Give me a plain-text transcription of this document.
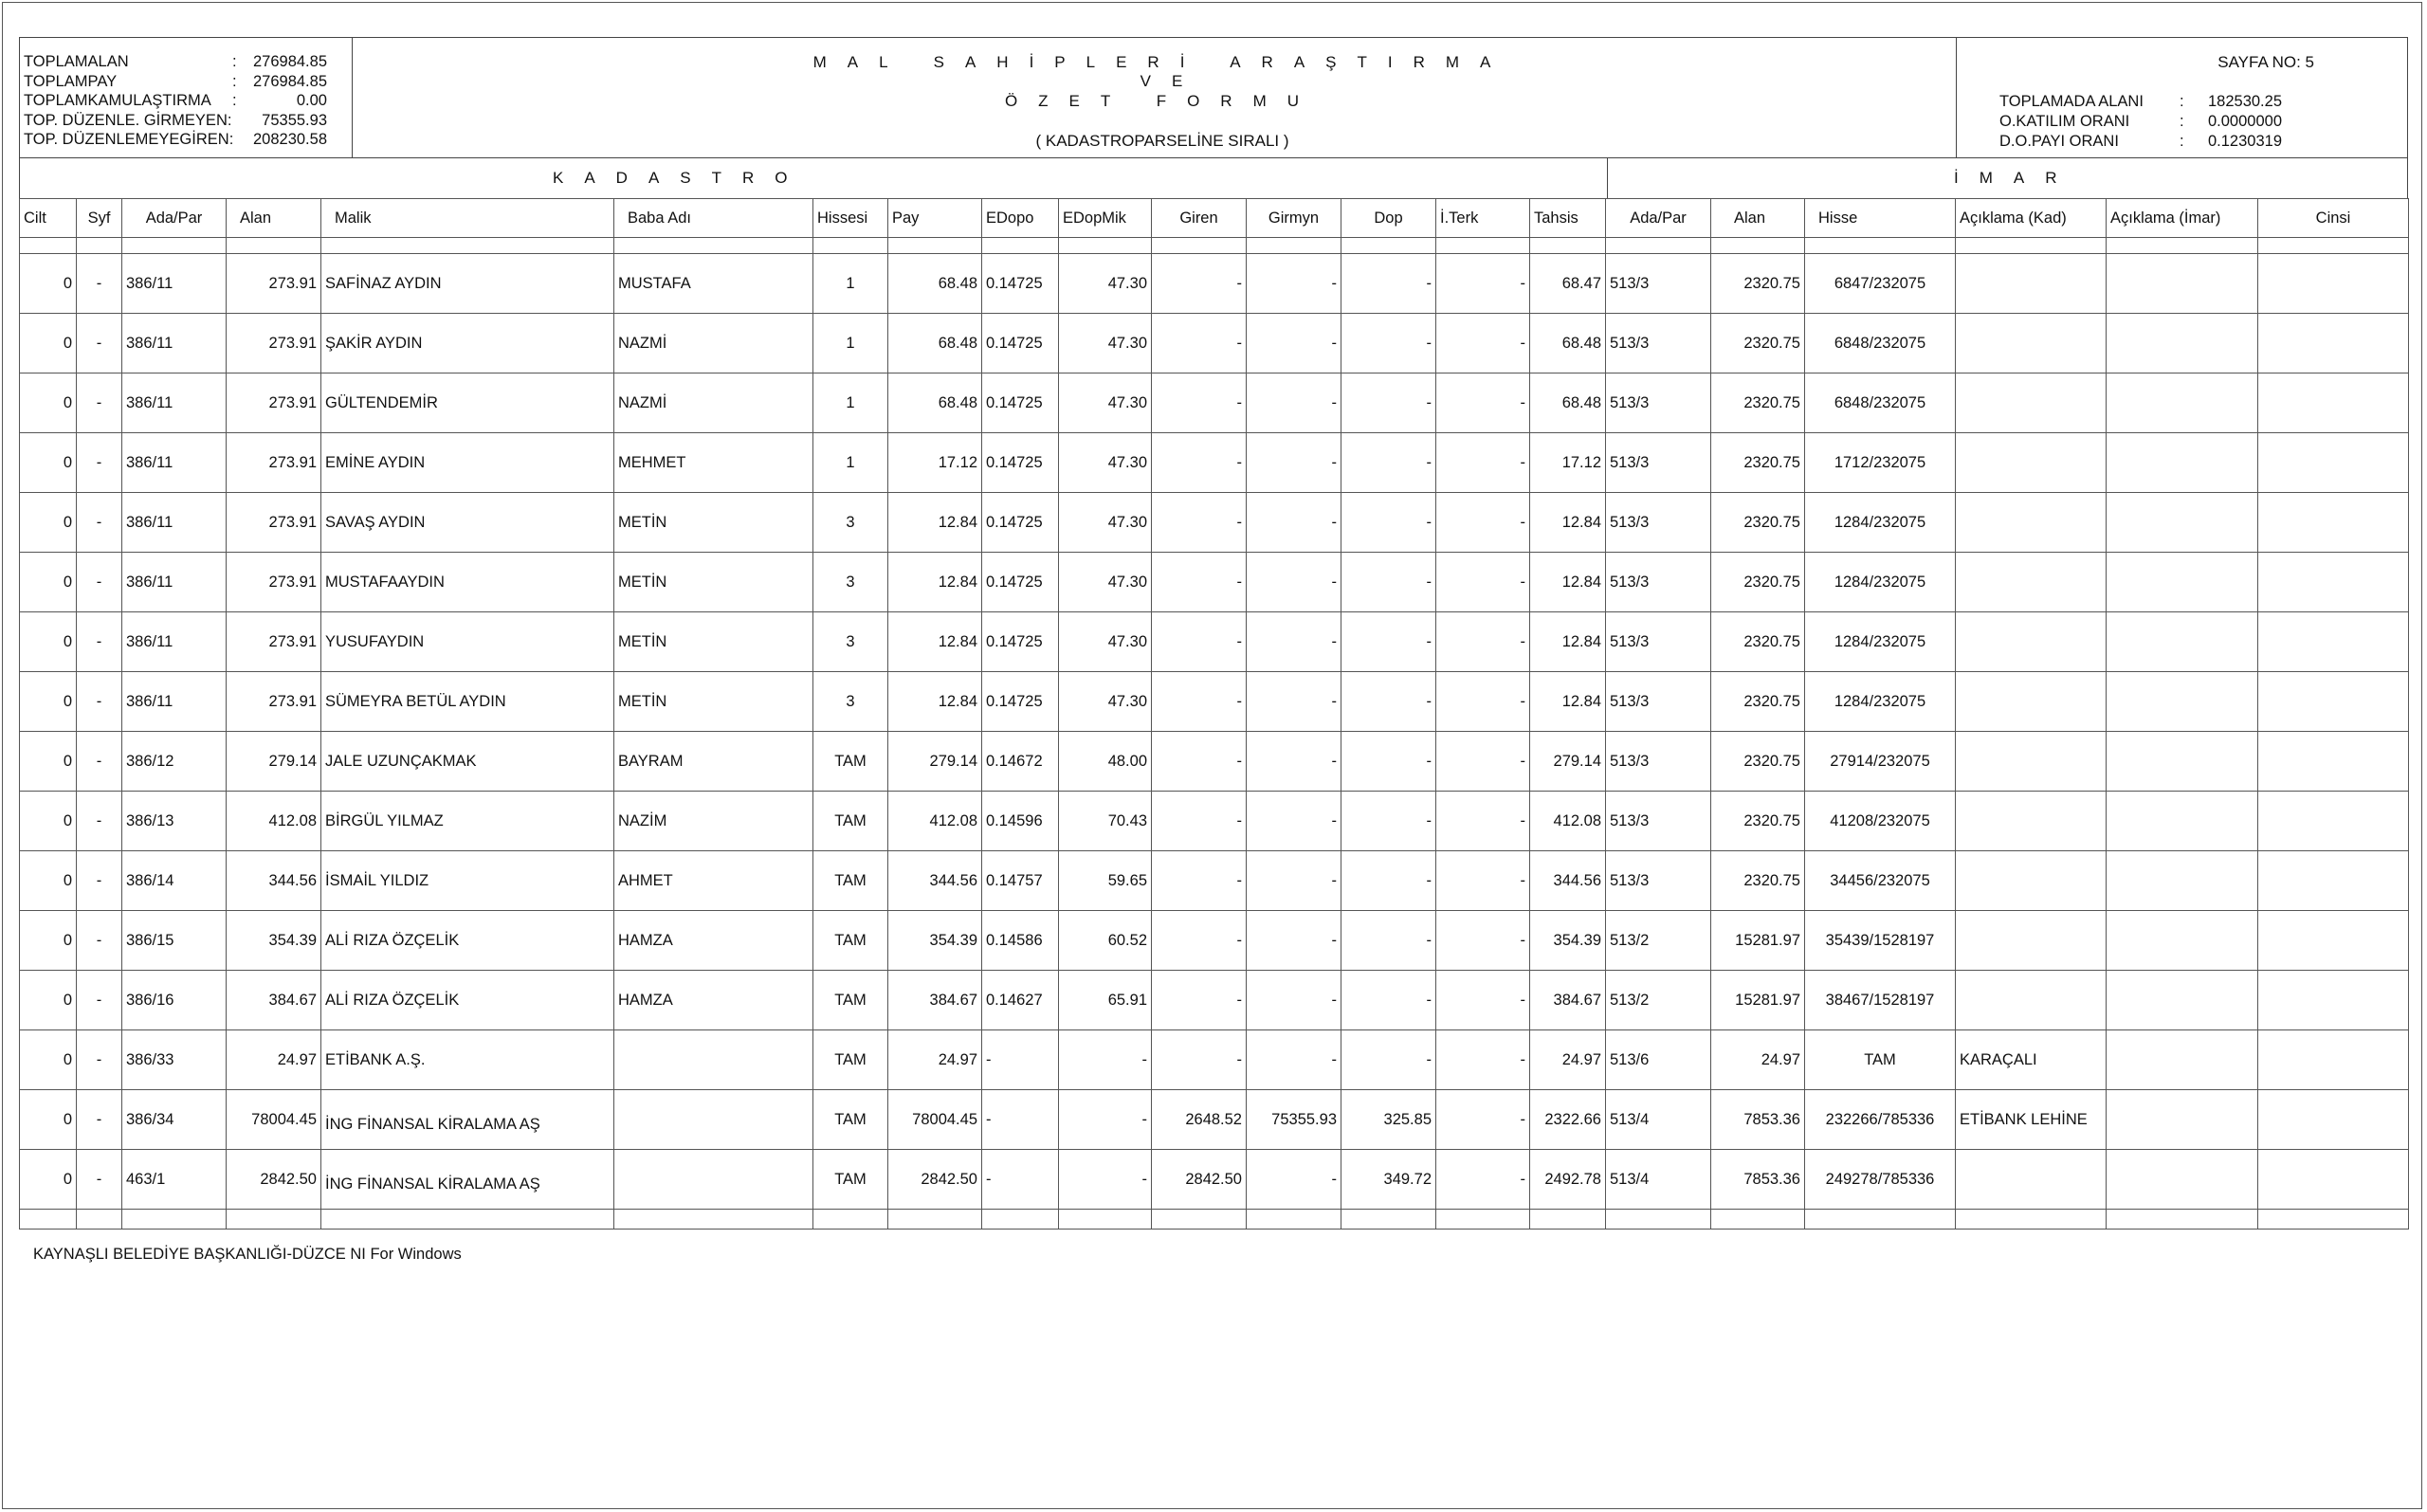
TOPLAMALAN	:	276984.85
TOPLAMPAY	:	276984.85
TOPLAMKAMULAŞTIRMA	:	0.00
TOP. DÜZENLE. GİRMEYEN:	75355.93
TOP. DÜZENLEMEYEGİREN:	208230.58
MAL SAHİPLERİ ARAŞTIRMA
VE
ÖZET FORMU
( KADASTROPARSELİNE SIRALI )
SAYFA NO: 5
TOPLAMADA ALANI	:	182530.25
O.KATILIM ORANI	:	0.0000000
D.O.PAYI ORANI	:	0.1230319
KADASTRO	İMAR
Cilt	Syf	Ada/Par	Alan	Malik	Baba Adı	Hissesi	Pay	EDopo	EDopMik	Giren	Girmyn	Dop	İ.Terk	Tahsis	Ada/Par	Alan	Hisse	Açıklama (Kad)	Açıklama (İmar)	Cinsi

0	-	386/11	273.91	SAFİNAZ AYDIN	MUSTAFA	1	68.48	0.14725	47.30	-	-	-	-	68.47	513/3	2320.75	6847/232075			
0	-	386/11	273.91	ŞAKİR AYDIN	NAZMİ	1	68.48	0.14725	47.30	-	-	-	-	68.48	513/3	2320.75	6848/232075			
0	-	386/11	273.91	GÜLTENDEMİR	NAZMİ	1	68.48	0.14725	47.30	-	-	-	-	68.48	513/3	2320.75	6848/232075			
0	-	386/11	273.91	EMİNE AYDIN	MEHMET	1	17.12	0.14725	47.30	-	-	-	-	17.12	513/3	2320.75	1712/232075			
0	-	386/11	273.91	SAVAŞ AYDIN	METİN	3	12.84	0.14725	47.30	-	-	-	-	12.84	513/3	2320.75	1284/232075			
0	-	386/11	273.91	MUSTAFAAYDIN	METİN	3	12.84	0.14725	47.30	-	-	-	-	12.84	513/3	2320.75	1284/232075			
0	-	386/11	273.91	YUSUFAYDIN	METİN	3	12.84	0.14725	47.30	-	-	-	-	12.84	513/3	2320.75	1284/232075			
0	-	386/11	273.91	SÜMEYRA BETÜL AYDIN	METİN	3	12.84	0.14725	47.30	-	-	-	-	12.84	513/3	2320.75	1284/232075			
0	-	386/12	279.14	JALE UZUNÇAKMAK	BAYRAM	TAM	279.14	0.14672	48.00	-	-	-	-	279.14	513/3	2320.75	27914/232075			
0	-	386/13	412.08	BİRGÜL YILMAZ	NAZİM	TAM	412.08	0.14596	70.43	-	-	-	-	412.08	513/3	2320.75	41208/232075			
0	-	386/14	344.56	İSMAİL YILDIZ	AHMET	TAM	344.56	0.14757	59.65	-	-	-	-	344.56	513/3	2320.75	34456/232075			
0	-	386/15	354.39	ALİ RIZA ÖZÇELİK	HAMZA	TAM	354.39	0.14586	60.52	-	-	-	-	354.39	513/2	15281.97	35439/1528197			
0	-	386/16	384.67	ALİ RIZA ÖZÇELİK	HAMZA	TAM	384.67	0.14627	65.91	-	-	-	-	384.67	513/2	15281.97	38467/1528197			
0	-	386/33	24.97	ETİBANK A.Ş.		TAM	24.97	-	-	-	-	-	-	24.97	513/6	24.97	TAM	KARAÇALI		
0	-	386/34	78004.45	İNG FİNANSAL KİRALAMA AŞ		TAM	78004.45	-	-	2648.52	75355.93	325.85	-	2322.66	513/4	7853.36	232266/785336	ETİBANK LEHİNE		
0	-	463/1	2842.50	İNG FİNANSAL KİRALAMA AŞ		TAM	2842.50	-	-	2842.50	-	349.72	-	2492.78	513/4	7853.36	249278/785336			

KAYNAŞLI BELEDİYE BAŞKANLIĞI-DÜZCE NI For Windows
